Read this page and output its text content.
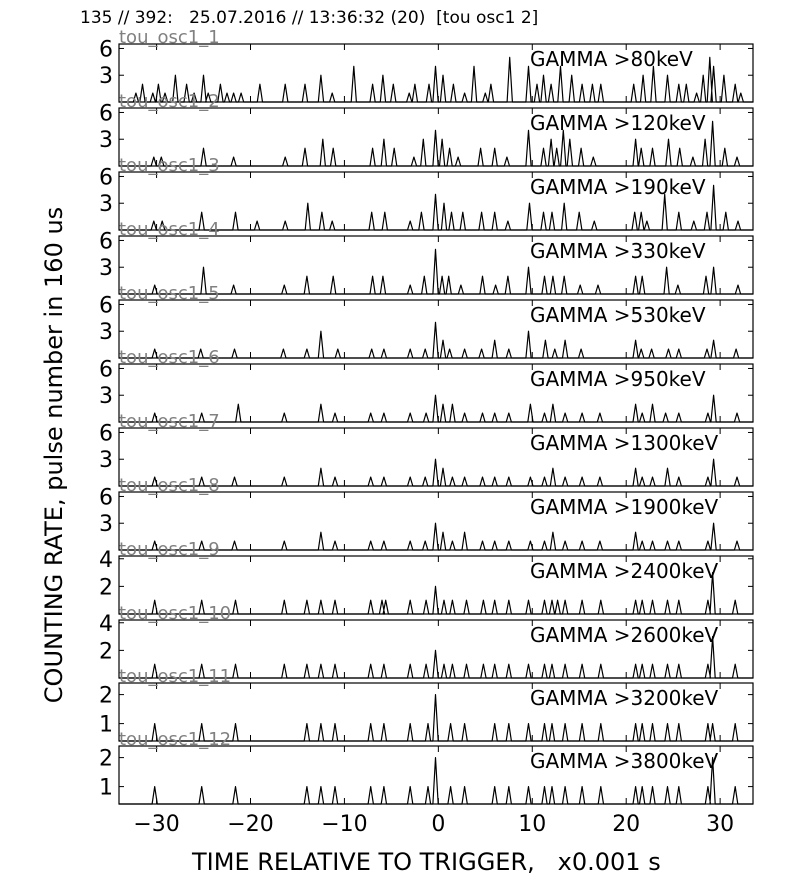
135 // 392:   25.07.2016 // 13:36:32 (20)  [tou osc1 2]
COUNTING RATE, pulse number in 160 us
TIME RELATIVE TO TRIGGER,   x0.001 s
3
6 tou_osc1_1
GAMMA >80keV
3
6 tou_osc1_2
GAMMA >120keV
3
6 tou_osc1_3
GAMMA >190keV
3
6 tou_osc1_4
GAMMA >330keV
3
6 tou_osc1_5
GAMMA >530keV
3
6 tou_osc1_6
GAMMA >950keV
3
6 tou_osc1_7
GAMMA >1300keV
3
6 tou_osc1_8
GAMMA >1900keV
2
4 tou_osc1_9
GAMMA >2400keV
2
4 tou_osc1_10
GAMMA >2600keV
1
2
tou_osc1_11
GAMMA >3200keV
1
2
tou_osc1_12
GAMMA >3800keV
−30 −20 −10	0	10	20	30
